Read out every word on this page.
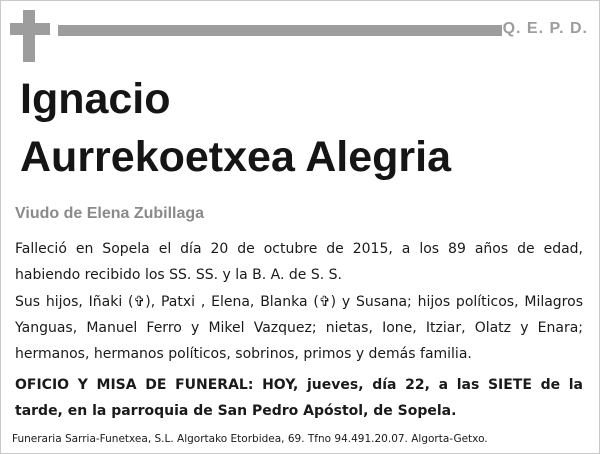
Q. E. P. D.
Ignacio
Aurrekoetxea Alegria
Viudo de Elena Zubillaga
Falleció en Sopela el día 20 de octubre de 2015, a los 89 años de edad, habiendo recibido los SS. SS. y la B. A. de S. S.
Sus hijos, Iñaki (✞), Patxi , Elena, Blanka (✞) y Susana; hijos políticos, Milagros Yanguas, Manuel Ferro y Mikel Vazquez; nietas, Ione, Itziar, Olatz y Enara; hermanos, hermanos políticos, sobrinos, primos y demás familia.
OFICIO Y MISA DE FUNERAL: HOY, jueves, día 22, a las SIETE de la tarde, en la parroquia de San Pedro Apóstol, de Sopela.
Funeraria Sarria-Funetxea, S.L. Algortako Etorbidea, 69. Tfno 94.491.20.07. Algorta-Getxo.
